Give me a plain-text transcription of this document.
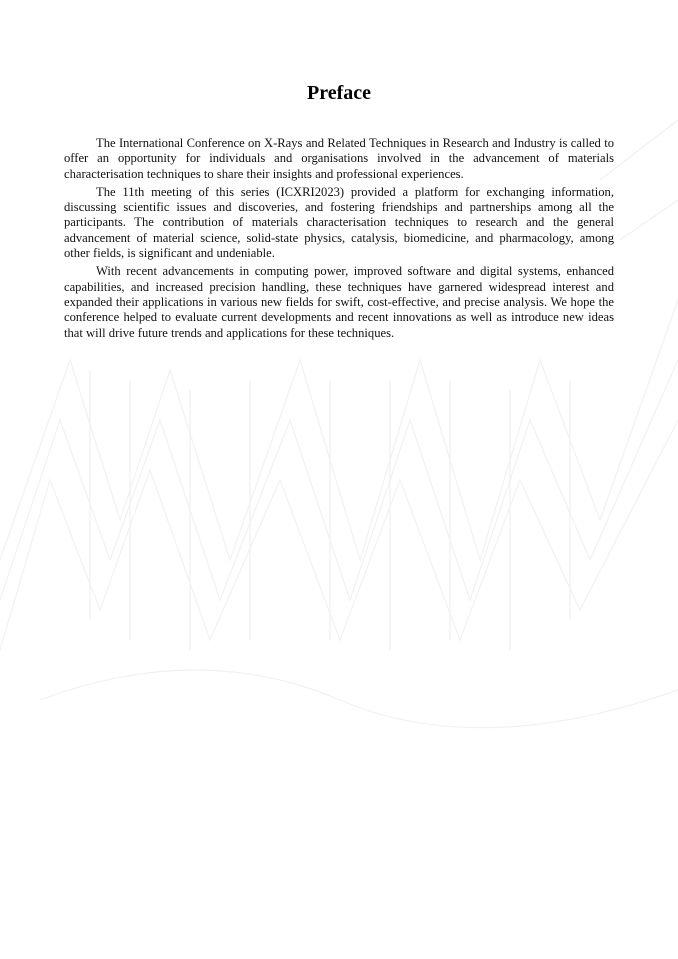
Preface

The International Conference on X-Rays and Related Techniques in Research and Industry is called to offer an opportunity for individuals and organisations involved in the advancement of materials characterisation techniques to share their insights and professional experiences.

The 11th meeting of this series (ICXRI2023) provided a platform for exchanging information, discussing scientific issues and discoveries, and fostering friendships and partnerships among all the participants. The contribution of materials characterisation techniques to research and the general advancement of material science, solid-state physics, catalysis, biomedicine, and pharmacology, among other fields, is significant and undeniable.

With recent advancements in computing power, improved software and digital systems, enhanced capabilities, and increased precision handling, these techniques have garnered widespread interest and expanded their applications in various new fields for swift, cost-effective, and precise analysis. We hope the conference helped to evaluate current developments and recent innovations as well as introduce new ideas that will drive future trends and applications for these techniques.
